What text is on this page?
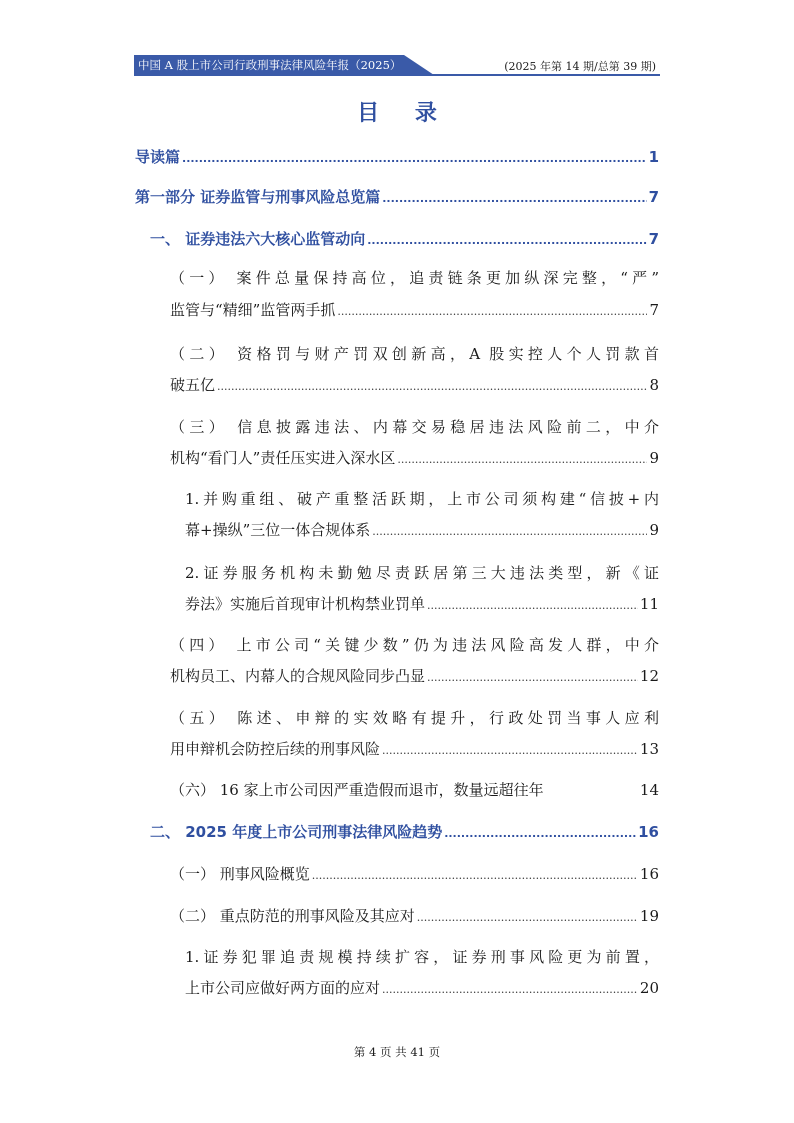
中国 A 股上市公司行政刑事法律风险年报（2025）	(2025 年第 14 期/总第 39 期)
目 录
导读篇 .....	1
第一部分 证券监管与刑事风险总览篇 .....	7
一、 证券违法六大核心监管动向 .....	7
（一） 案件总量保持高位，追责链条更加纵深完整，“严”
监管与“精细”监管两手抓 .....	7
（二） 资格罚与财产罚双创新高，A 股实控人个人罚款首
破五亿 .....	8
（三） 信息披露违法、内幕交易稳居违法风险前二，中介
机构“看门人”责任压实进入深水区 .....	9
1.并购重组、破产重整活跃期，上市公司须构建“信披+内
幕+操纵”三位一体合规体系 .....	9
2.证券服务机构未勤勉尽责跃居第三大违法类型，新《证
券法》实施后首现审计机构禁业罚单 .....	11
（四） 上市公司“关键少数”仍为违法风险高发人群，中介
机构员工、内幕人的合规风险同步凸显 .....	12
（五） 陈述、申辩的实效略有提升，行政处罚当事人应利
用申辩机会防控后续的刑事风险 .....	13
（六） 16 家上市公司因严重造假而退市，数量远超往年	14
二、 2025 年度上市公司刑事法律风险趋势 .....	16
（一） 刑事风险概览 .....	16
（二） 重点防范的刑事风险及其应对 .....	19
1.证券犯罪追责规模持续扩容，证券刑事风险更为前置，
上市公司应做好两方面的应对 .....	20
第 4 页 共 41 页
